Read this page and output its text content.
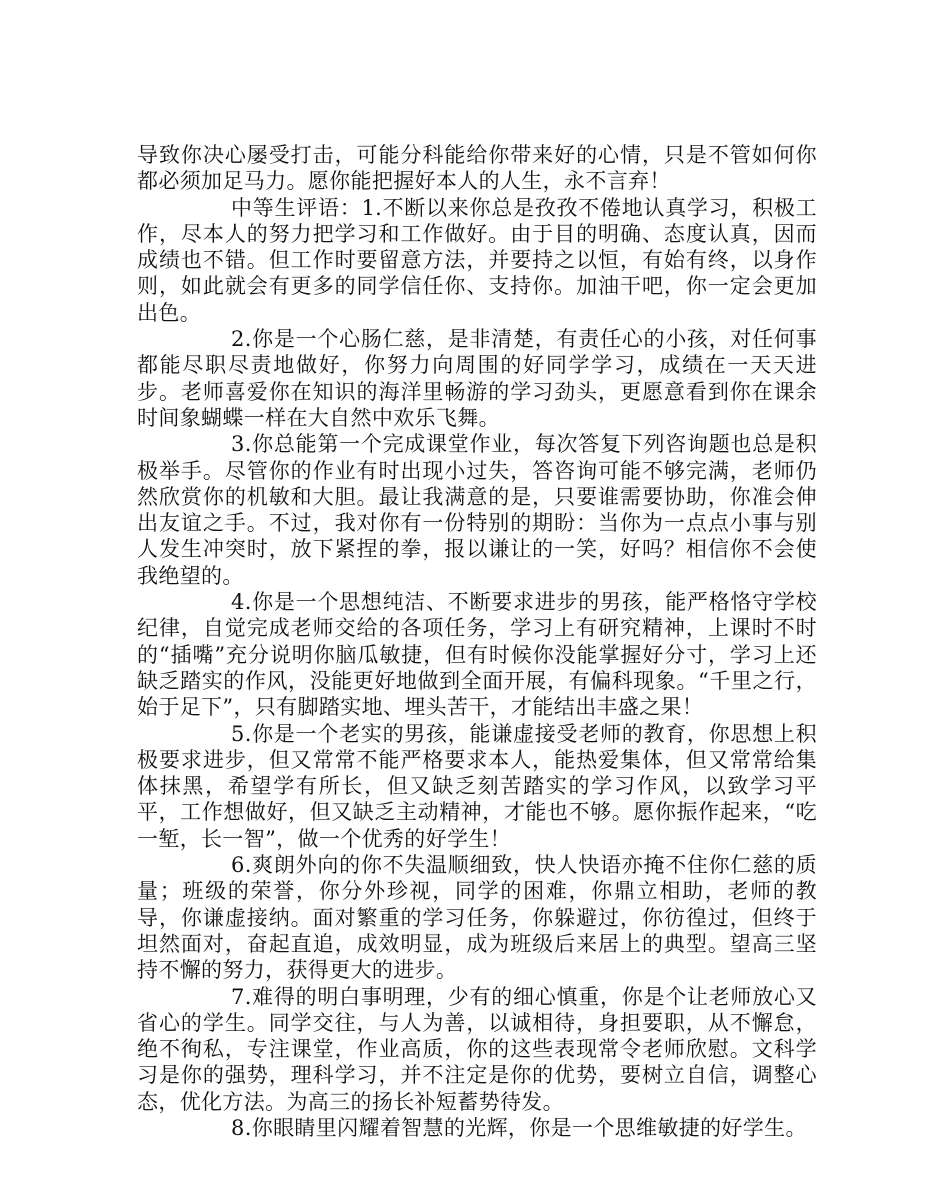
导致你决心屡受打击，可能分科能给你带来好的心情，只是不管如何你都必须加足马力。愿你能把握好本人的人生，永不言弃！

中等生评语：1.不断以来你总是孜孜不倦地认真学习，积极工作，尽本人的努力把学习和工作做好。由于目的明确、态度认真，因而成绩也不错。但工作时要留意方法，并要持之以恒，有始有终，以身作则，如此就会有更多的同学信任你、支持你。加油干吧，你一定会更加出色。

2.你是一个心肠仁慈，是非清楚，有责任心的小孩，对任何事都能尽职尽责地做好，你努力向周围的好同学学习，成绩在一天天进步。老师喜爱你在知识的海洋里畅游的学习劲头，更愿意看到你在课余时间象蝴蝶一样在大自然中欢乐飞舞。

3.你总能第一个完成课堂作业，每次答复下列咨询题也总是积极举手。尽管你的作业有时出现小过失，答咨询可能不够完满，老师仍然欣赏你的机敏和大胆。最让我满意的是，只要谁需要协助，你准会伸出友谊之手。不过，我对你有一份特别的期盼：当你为一点点小事与别人发生冲突时，放下紧捏的拳，报以谦让的一笑，好吗？相信你不会使我绝望的。

4.你是一个思想纯洁、不断要求进步的男孩，能严格恪守学校纪律，自觉完成老师交给的各项任务，学习上有研究精神，上课时不时的“插嘴”充分说明你脑瓜敏捷，但有时候你没能掌握好分寸，学习上还缺乏踏实的作风，没能更好地做到全面开展，有偏科现象。“千里之行，始于足下”，只有脚踏实地、埋头苦干，才能结出丰盛之果！

5.你是一个老实的男孩，能谦虚接受老师的教育，你思想上积极要求进步，但又常常不能严格要求本人，能热爱集体，但又常常给集体抹黑，希望学有所长，但又缺乏刻苦踏实的学习作风，以致学习平平，工作想做好，但又缺乏主动精神，才能也不够。愿你振作起来，“吃一堑，长一智”，做一个优秀的好学生！

6.爽朗外向的你不失温顺细致，快人快语亦掩不住你仁慈的质量；班级的荣誉，你分外珍视，同学的困难，你鼎立相助，老师的教导，你谦虚接纳。面对繁重的学习任务，你躲避过，你彷徨过，但终于坦然面对，奋起直追，成效明显，成为班级后来居上的典型。望高三坚持不懈的努力，获得更大的进步。

7.难得的明白事明理，少有的细心慎重，你是个让老师放心又省心的学生。同学交往，与人为善，以诚相待，身担要职，从不懈怠，绝不徇私，专注课堂，作业高质，你的这些表现常令老师欣慰。文科学习是你的强势，理科学习，并不注定是你的优势，要树立自信，调整心态，优化方法。为高三的扬长补短蓄势待发。

8.你眼睛里闪耀着智慧的光辉，你是一个思维敏捷的好学生。
